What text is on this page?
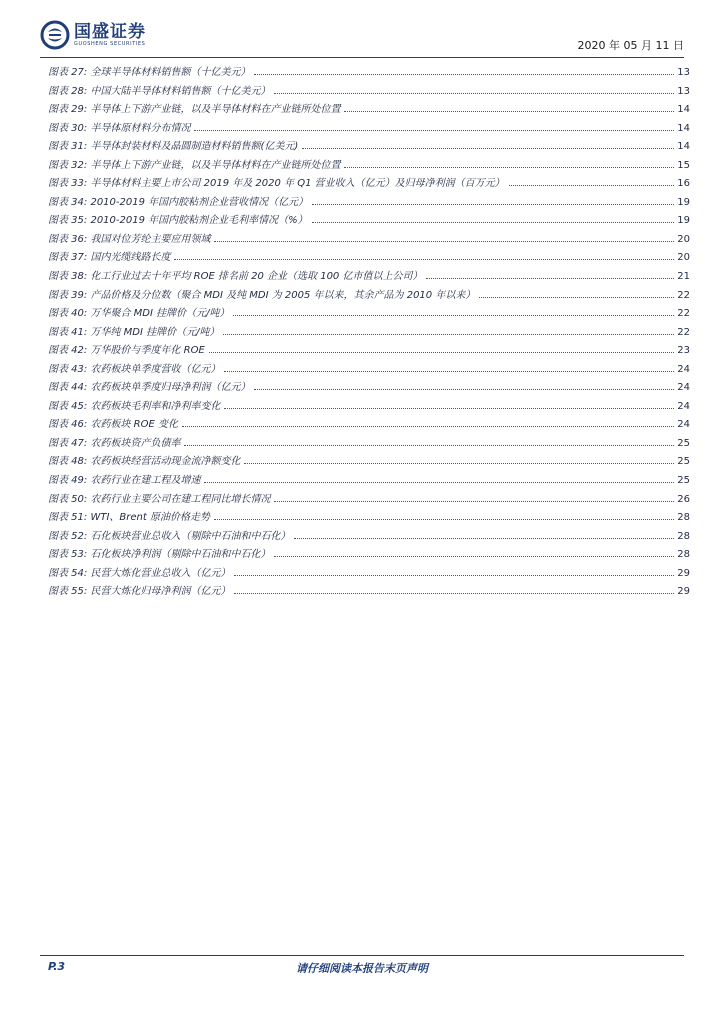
国盛证券
GUOSHENG SECURITIES	2020 年 05 月 11 日
图表 27: 全球半导体材料销售额（十亿美元）	13
图表 28: 中国大陆半导体材料销售额（十亿美元）	13
图表 29: 半导体上下游产业链，以及半导体材料在产业链所处位置	14
图表 30: 半导体原材料分布情况	14
图表 31: 半导体封装材料及晶圆制造材料销售额(亿美元)	14
图表 32: 半导体上下游产业链，以及半导体材料在产业链所处位置	15
图表 33: 半导体材料主要上市公司 2019 年及 2020 年 Q1 营业收入（亿元）及归母净利润（百万元）	16
图表 34: 2010-2019 年国内胶粘剂企业营收情况（亿元）	19
图表 35: 2010-2019 年国内胶粘剂企业毛利率情况（%）	19
图表 36: 我国对位芳纶主要应用领域	20
图表 37: 国内光缆线路长度	20
图表 38: 化工行业过去十年平均 ROE 排名前 20 企业（选取 100 亿市值以上公司）	21
图表 39: 产品价格及分位数（聚合 MDI 及纯 MDI 为 2005 年以来，其余产品为 2010 年以来）	22
图表 40: 万华聚合 MDI 挂牌价（元/吨）	22
图表 41: 万华纯 MDI 挂牌价（元/吨）	22
图表 42: 万华股价与季度年化 ROE	23
图表 43: 农药板块单季度营收（亿元）	24
图表 44: 农药板块单季度归母净利润（亿元）	24
图表 45: 农药板块毛利率和净利率变化	24
图表 46: 农药板块 ROE 变化	24
图表 47: 农药板块资产负债率	25
图表 48: 农药板块经营活动现金流净额变化	25
图表 49: 农药行业在建工程及增速	25
图表 50: 农药行业主要公司在建工程同比增长情况	26
图表 51: WTI、Brent 原油价格走势	28
图表 52: 石化板块营业总收入（剔除中石油和中石化）	28
图表 53: 石化板块净利润（剔除中石油和中石化）	28
图表 54: 民营大炼化营业总收入（亿元）	29
图表 55: 民营大炼化归母净利润（亿元）	29
P.3	请仔细阅读本报告末页声明
